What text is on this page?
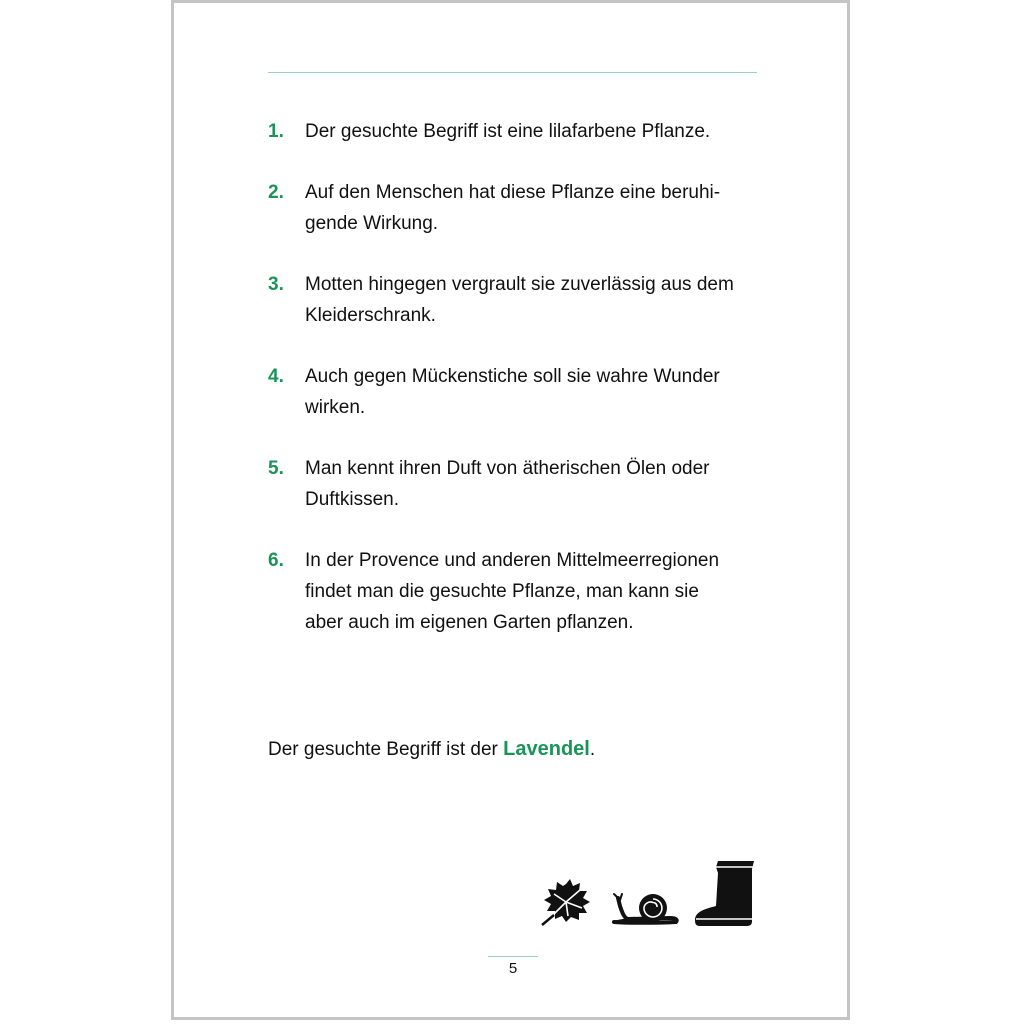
1. Der gesuchte Begriff ist eine lilafarbene Pflanze.
2. Auf den Menschen hat diese Pflanze eine beruhi-
gende Wirkung.
3. Motten hingegen vergrault sie zuverlässig aus dem
Kleiderschrank.
4. Auch gegen Mückenstiche soll sie wahre Wunder
wirken.
5. Man kennt ihren Duft von ätherischen Ölen oder
Duftkissen.
6. In der Provence und anderen Mittelmeerregionen
findet man die gesuchte Pflanze, man kann sie
aber auch im eigenen Garten pflanzen.
Der gesuchte Begriff ist der Lavendel.
5
